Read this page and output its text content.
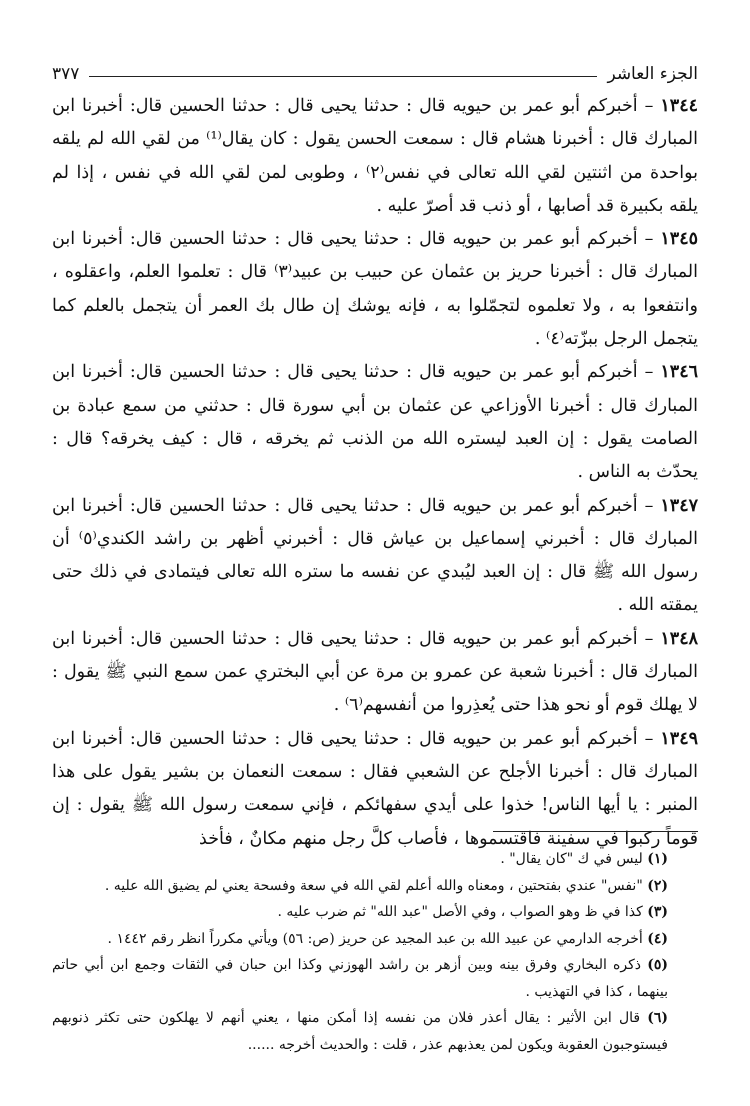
الجزء العاشر
٣٧٧

١٣٤٤ – أخبركم أبو عمر بن حيويه قال : حدثنا يحيى قال : حدثنا الحسين قال: أخبرنا ابن المبارك قال : أخبرنا هشام قال : سمعت الحسن يقول : كان يقال⁽¹⁾ من لقي الله لم يلقه بواحدة من اثنتين لقي الله تعالى في نفس⁽٢⁾ ، وطوبى لمن لقي الله في نفس ، إذا لم يلقه بكبيرة قد أصابها ، أو ذنب قد أصرّ عليه .

١٣٤٥ – أخبركم أبو عمر بن حيويه قال : حدثنا يحيى قال : حدثنا الحسين قال: أخبرنا ابن المبارك قال : أخبرنا حريز بن عثمان عن حبيب بن عبيد⁽٣⁾ قال : تعلموا العلم، واعقلوه ، وانتفعوا به ، ولا تعلموه لتجمّلوا به ، فإنه يوشك إن طال بك العمر أن يتجمل بالعلم كما يتجمل الرجل ببزّته⁽٤⁾ .

١٣٤٦ – أخبركم أبو عمر بن حيويه قال : حدثنا يحيى قال : حدثنا الحسين قال: أخبرنا ابن المبارك قال : أخبرنا الأوزاعي عن عثمان بن أبي سورة قال : حدثني من سمع عبادة بن الصامت يقول : إن العبد ليستره الله من الذنب ثم يخرقه ، قال : كيف يخرقه؟ قال : يحدّث به الناس .

١٣٤٧ – أخبركم أبو عمر بن حيويه قال : حدثنا يحيى قال : حدثنا الحسين قال: أخبرنا ابن المبارك قال : أخبرني إسماعيل بن عياش قال : أخبرني أظهر بن راشد الكندي⁽٥⁾ أن رسول الله ﷺ قال : إن العبد ليُبدي عن نفسه ما ستره الله تعالى فيتمادى في ذلك حتى يمقته الله .

١٣٤٨ – أخبركم أبو عمر بن حيويه قال : حدثنا يحيى قال : حدثنا الحسين قال: أخبرنا ابن المبارك قال : أخبرنا شعبة عن عمرو بن مرة عن أبي البختري عمن سمع النبي ﷺ يقول : لا يهلك قوم أو نحو هذا حتى يُعذِروا من أنفسهم⁽٦⁾ .

١٣٤٩ – أخبركم أبو عمر بن حيويه قال : حدثنا يحيى قال : حدثنا الحسين قال: أخبرنا ابن المبارك قال : أخبرنا الأجلح عن الشعبي فقال : سمعت النعمان بن بشير يقول على هذا المنبر : يا أيها الناس! خذوا على أيدي سفهائكم ، فإني سمعت رسول الله ﷺ يقول : إن قوماً ركبوا في سفينة فاقتسموها ، فأصاب كلَّ رجل منهم مكانٌ ، فأخذ

(١) ليس في ك "كان يقال" .

(٢) "نفس" عندي بفتحتين ، ومعناه والله أعلم لقي الله في سعة وفسحة يعني لم يضيق الله عليه .

(٣) كذا في ظ وهو الصواب ، وفي الأصل "عبد الله" ثم ضرب عليه .

(٤) أخرجه الدارمي عن عبيد الله بن عبد المجيد عن حريز (ص: ٥٦) ويأتي مكرراً انظر رقم ١٤٤٢ .

(٥) ذكره البخاري وفرق بينه وبين أزهر بن راشد الهوزني وكذا ابن حبان في الثقات وجمع ابن أبي حاتم بينهما ، كذا في التهذيب .

(٦) قال ابن الأثير : يقال أعذر فلان من نفسه إذا أمكن منها ، يعني أنهم لا يهلكون حتى تكثر ذنوبهم فيستوجبون العقوبة ويكون لمن يعذبهم عذر ، قلت : والحديث أخرجه ......
